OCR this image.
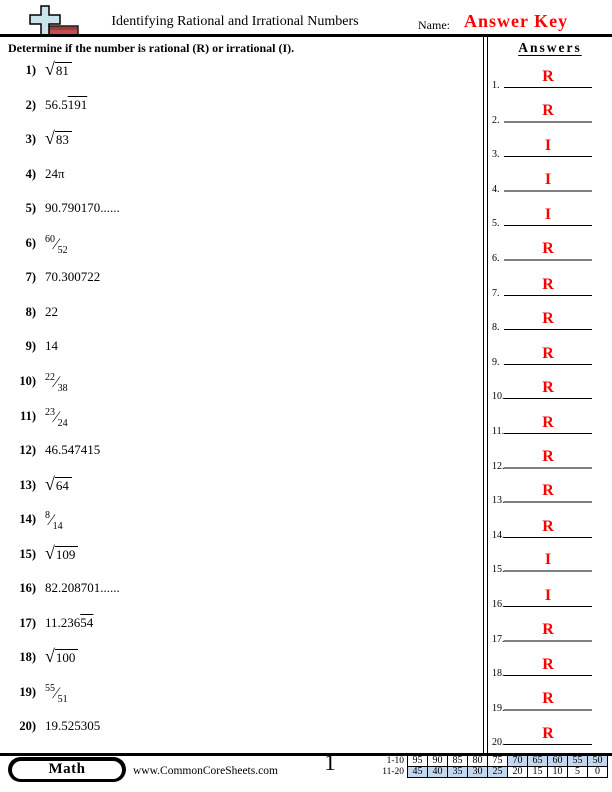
Identifying Rational and Irrational Numbers	Name: Answer Key
Determine if the number is rational (R) or irrational (I).
1) √ 81
2) 56.5 191
3) √ 83
4) 24π
5) 90.790170......
6) 60 ⁄ 52
7) 70.300722
8) 22
9) 14
10) 22 ⁄ 38
11) 23 ⁄ 24
12) 46.547415
13) √ 64
14) 8 ⁄ 14
15) √ 109
16) 82.208701......
17) 11.236 54
18) √ 100
19) 55 ⁄ 51
20) 19.525305
Answers
1.
R
2.
R
3.
I
4.
I
5.
I
6.
R
7.
R
8.
R
9.
R
10.
R
11.
R
12.
R
13.
R
14.
R
15.
I
16.
I
17.
R
18.
R
19.
R
20.
R
Math	www.CommonCoreSheets.com	1	1-10 95	90	85	80	75	70	65	60	55	50
11-20 45	40	35	30	25	20	15	10	5	0
